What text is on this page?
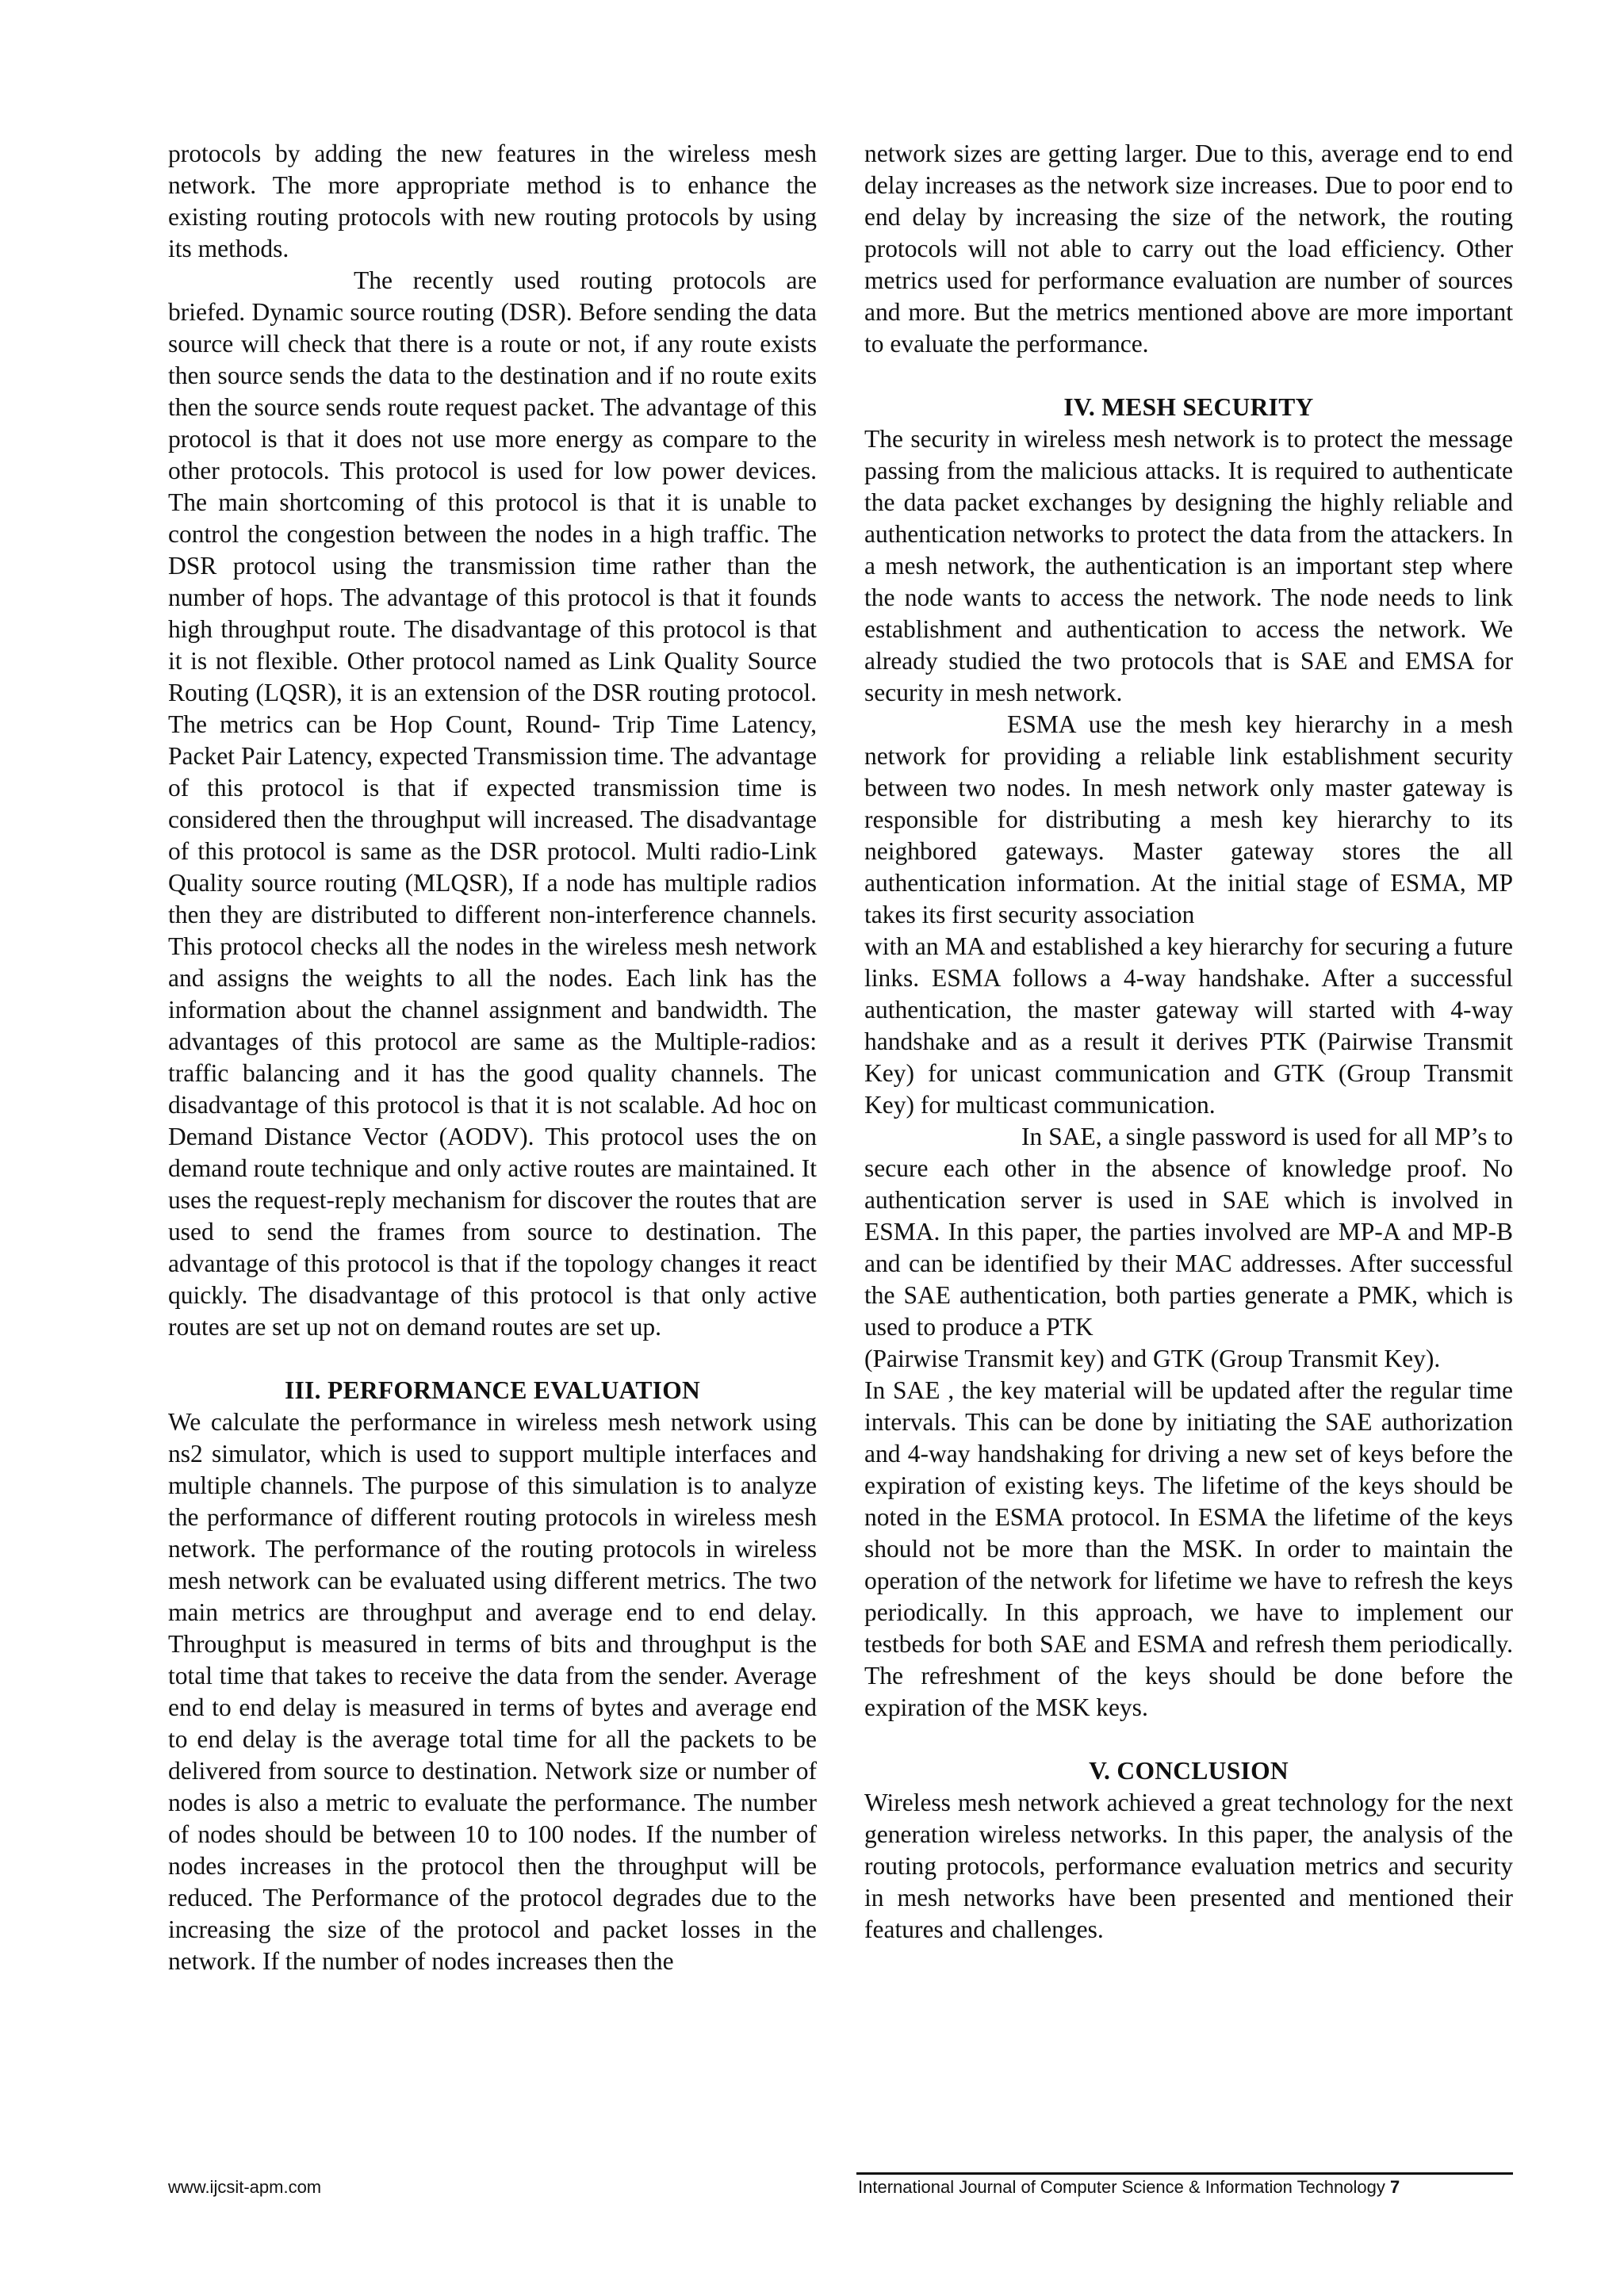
protocols by adding the new features in the wireless mesh network. The more appropriate method is to enhance the existing routing protocols with new routing protocols by using its methods.

The recently used routing protocols are briefed. Dynamic source routing (DSR). Before sending the data source will check that there is a route or not, if any route exists then source sends the data to the destination and if no route exits then the source sends route request packet. The advantage of this protocol is that it does not use more energy as compare to the other protocols. This protocol is used for low power devices. The main shortcoming of this protocol is that it is unable to control the congestion between the nodes in a high traffic. The DSR protocol using the transmission time rather than the number of hops. The advantage of this protocol is that it founds high throughput route. The disadvantage of this protocol is that it is not flexible. Other protocol named as Link Quality Source Routing (LQSR), it is an extension of the DSR routing protocol. The metrics can be Hop Count, Round- Trip Time Latency, Packet Pair Latency, expected Transmission time. The advantage of this protocol is that if expected transmission time is considered then the throughput will increased. The disadvantage of this protocol is same as the DSR protocol. Multi radio-Link Quality source routing (MLQSR), If a node has multiple radios then they are distributed to different non-interference channels. This protocol checks all the nodes in the wireless mesh network and assigns the weights to all the nodes. Each link has the information about the channel assignment and bandwidth. The advantages of this protocol are same as the Multiple-radios: traffic balancing and it has the good quality channels. The disadvantage of this protocol is that it is not scalable. Ad hoc on Demand Distance Vector (AODV). This protocol uses the on demand route technique and only active routes are maintained. It uses the request-reply mechanism for discover the routes that are used to send the frames from source to destination. The advantage of this protocol is that if the topology changes it react quickly. The disadvantage of this protocol is that only active routes are set up not on demand routes are set up.

III. PERFORMANCE EVALUATION

We calculate the performance in wireless mesh network using ns2 simulator, which is used to support multiple interfaces and multiple channels. The purpose of this simulation is to analyze the performance of different routing protocols in wireless mesh network. The performance of the routing protocols in wireless mesh network can be evaluated using different metrics. The two main metrics are throughput and average end to end delay. Throughput is measured in terms of bits and throughput is the total time that takes to receive the data from the sender. Average end to end delay is measured in terms of bytes and average end to end delay is the average total time for all the packets to be delivered from source to destination. Network size or number of nodes is also a metric to evaluate the performance. The number of nodes should be between 10 to 100 nodes. If the number of nodes increases in the protocol then the throughput will be reduced. The Performance of the protocol degrades due to the increasing the size of the protocol and packet losses in the network. If the number of nodes increases then the

network sizes are getting larger. Due to this, average end to end delay increases as the network size increases. Due to poor end to end delay by increasing the size of the network, the routing protocols will not able to carry out the load efficiency. Other metrics used for performance evaluation are number of sources and more. But the metrics mentioned above are more important to evaluate the performance.

IV. MESH SECURITY

The security in wireless mesh network is to protect the message passing from the malicious attacks. It is required to authenticate the data packet exchanges by designing the highly reliable and authentication networks to protect the data from the attackers. In a mesh network, the authentication is an important step where the node wants to access the network. The node needs to link establishment and authentication to access the network. We already studied the two protocols that is SAE and EMSA for security in mesh network.

ESMA use the mesh key hierarchy in a mesh network for providing a reliable link establishment security between two nodes. In mesh network only master gateway is responsible for distributing a mesh key hierarchy to its neighbored gateways. Master gateway stores the all authentication information. At the initial stage of ESMA, MP takes its first security association

with an MA and established a key hierarchy for securing a future links. ESMA follows a 4-way handshake. After a successful authentication, the master gateway will started with 4-way handshake and as a result it derives PTK (Pairwise Transmit Key) for unicast communication and GTK (Group Transmit Key) for multicast communication.

In SAE, a single password is used for all MP’s to secure each other in the absence of knowledge proof. No authentication server is used in SAE which is involved in ESMA. In this paper, the parties involved are MP-A and MP-B and can be identified by their MAC addresses. After successful the SAE authentication, both parties generate a PMK, which is used to produce a PTK

(Pairwise Transmit key) and GTK (Group Transmit Key).

In SAE , the key material will be updated after the regular time intervals. This can be done by initiating the SAE authorization and 4-way handshaking for driving a new set of keys before the expiration of existing keys. The lifetime of the keys should be noted in the ESMA protocol. In ESMA the lifetime of the keys should not be more than the MSK. In order to maintain the operation of the network for lifetime we have to refresh the keys periodically. In this approach, we have to implement our testbeds for both SAE and ESMA and refresh them periodically. The refreshment of the keys should be done before the expiration of the MSK keys.

V. CONCLUSION

Wireless mesh network achieved a great technology for the next generation wireless networks. In this paper, the analysis of the routing protocols, performance evaluation metrics and security in mesh networks have been presented and mentioned their features and challenges.

www.ijcsit-apm.com	International Journal of Computer Science & Information Technology 7
